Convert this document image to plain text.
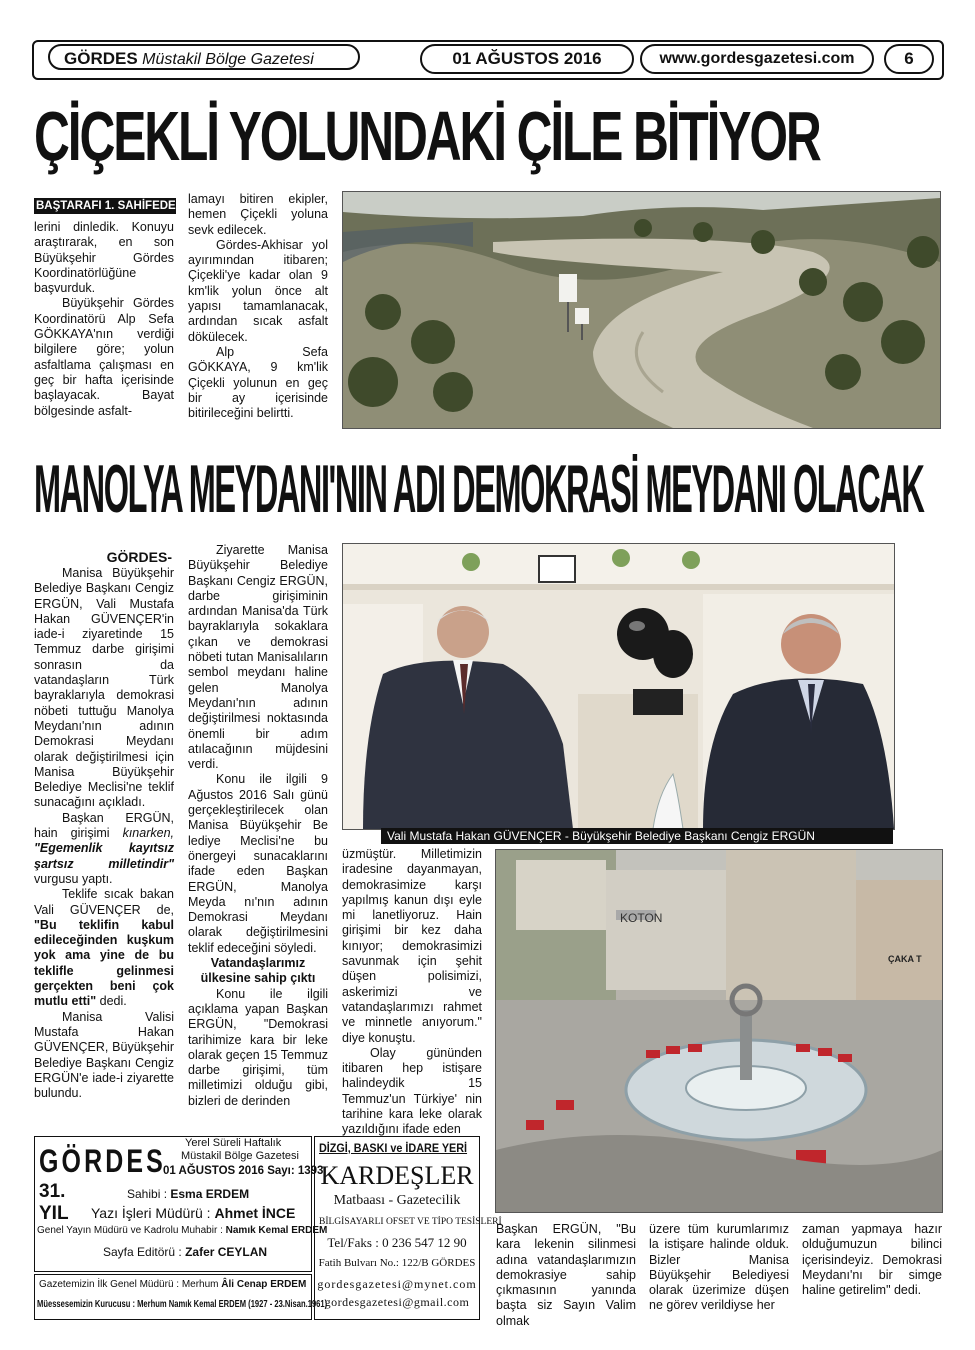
GÖRDES Müstakil Bölge Gazetesi	01 AĞUSTOS 2016	www.gordesgazetesi.com	6
ÇİÇEKLİ YOLUNDAKİ ÇİLE BİTİYOR
BAŞTARAFI 1. SAHİFEDE

lerini dinledik. Konuyu araştırarak, en son Büyükşehir Gördes Koordinatörlüğüne başvurduk.

Büyükşehir Gördes Koordinatörü Alp Sefa GÖKKAYA'nın verdiği bilgilere göre; yolun asfaltlama çalışması en geç bir hafta içerisinde başlayacak. Bayat bölgesinde asfalt-

lamayı bitiren ekipler, hemen Çiçekli yoluna sevk edilecek.

Gördes-Akhisar yol ayırımından itibaren; Çiçekli'ye kadar olan 9 km'lik yolun önce alt yapısı tamamlanacak, ardından sıcak asfalt dökülecek.

Alp Sefa GÖKKAYA, 9 km'lik Çiçekli yolunun en geç bir ay içerisinde bitirileceğini belirtti.

MANOLYA MEYDANI'NIN ADI DEMOKRASİ MEYDANI OLACAK

GÖRDES-

Manisa Büyükşehir Belediye Başkanı Cengiz ERGÜN, Vali Mustafa Hakan GÜVENÇER'in iade-i ziyaretinde 15 Temmuz darbe girişimi sonrasın da vatandaşların Türk bayraklarıyla demokrasi nöbeti tuttuğu Manolya Meydanı'nın adının Demokrasi Meydanı olarak değiştirilmesi için Manisa Büyükşehir Belediye Meclisi'ne teklif sunacağını açıkladı.

Başkan ERGÜN, hain girişimi kınarken, "Egemenlik kayıtsız şartsız milletindir" vurgusu yaptı.

Teklife sıcak bakan Vali GÜVENÇER de, "Bu teklifin kabul edileceğinden kuşkum yok ama yine de bu teklifle gelinmesi gerçekten beni çok mutlu etti" dedi.

Manisa Valisi Mustafa Hakan GÜVENÇER, Büyükşehir Belediye Başkanı Cengiz ERGÜN'e iade-i ziyarette bulundu.

Ziyarette Manisa Büyükşehir Belediye Başkanı Cengiz ERGÜN, darbe girişiminin ardından Manisa'da Türk bayraklarıyla sokaklara çıkan ve demokrasi nöbeti tutan Manisalıların sembol meydanı haline gelen Manolya Meydanı'nın adının değiştirilmesi noktasında önemli bir adım atılacağının müjdesini verdi.

Konu ile ilgili 9 Ağustos 2016 Salı günü gerçekleştirilecek olan Manisa Büyükşehir Be lediye Meclisi'ne bu önergeyi sunacaklarını ifade eden Başkan ERGÜN, Manolya Meyda nı'nın adının Demokrasi Meydanı olarak değiştirilmesini teklif edeceğini söyledi.

Vatandaşlarımız ülkesine sahip çıktı

Konu ile ilgili açıklama yapan Başkan ERGÜN, "Demokrasi tarihimize kara bir leke olarak geçen 15 Temmuz darbe girişimi, tüm milletimizi olduğu gibi, bizleri de derinden

Vali Mustafa Hakan GÜVENÇER - Büyükşehir Belediye Başkanı Cengiz ERGÜN

üzmüştür. Milletimizin iradesine dayanmayan, demokrasimize karşı yapılmış kanun dışı eyle mi lanetliyoruz. Hain girişimi bir kez daha kınıyor; demokrasimizi savunmak için şehit düşen polisimizi, askerimizi ve vatandaşlarımızı rahmet ve minnetle anıyorum." diye konuştu.

Olay gününden itibaren hep istişare halindeydik 15 Temmuz'un Türkiye' nin tarihine kara leke olarak yazıldığını ifade eden

KOTON
ÇAKA T
Başkan ERGÜN, "Bu kara lekenin silinmesi adına vatandaşlarımızın demokrasiye sahip çıkmasının yanında başta siz Sayın Valim olmak
üzere tüm kurumlarımız la istişare halinde olduk. Bizler Manisa Büyükşehir Belediyesi olarak üzerimize düşen ne görev verildiyse her
zaman yapmaya hazır olduğumuzun bilinci içerisindeyiz. Demokrasi Meydanı'nı bir simge haline getirelim" dedi.
GÖRDES Yerel Süreli Haftalık
Müstakil Bölge Gazetesi
01 AĞUSTOS 2016 Sayı: 1393
31.
YIL
Sahibi : Esma ERDEM
Yazı İşleri Müdürü : Ahmet İNCE
Genel Yayın Müdürü ve Kadrolu Muhabir : Namık Kemal ERDEM
Sayfa Editörü : Zafer CEYLAN
Gazetemizin İlk Genel Müdürü : Merhum Âli Cenap ERDEM
Müessesemizin Kurucusu : Merhum Namık Kemal ERDEM (1927 - 23.Nisan.1961)
DİZGİ, BASKI ve İDARE YERİ
KARDEŞLER
Matbaası - Gazetecilik
BİLGİSAYARLI OFSET VE TİPO TESİSLERİ
Tel/Faks : 0 236 547 12 90
Fatih Bulvarı No.: 122/B GÖRDES
gordesgazetesi@mynet.com
gordesgazetesi@gmail.com
